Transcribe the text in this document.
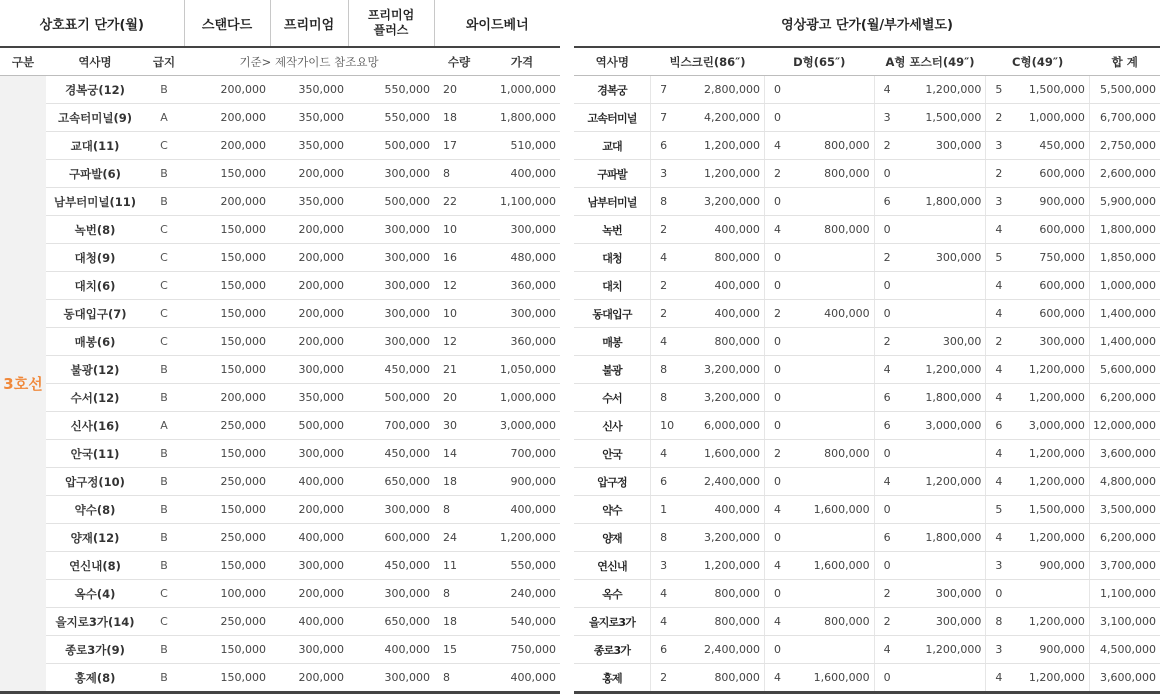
상호표기 단가(월)			스탠다드	프리미엄	프리미엄
플러스	와이드베너	
구분	역사명	급지	기준> 제작가이드 참조요망			수량	가격
3호선	경복궁(12)	B	200,000	350,000	550,000	20	1,000,000
	고속터미널(9)	A	200,000	350,000	550,000	18	1,800,000
	교대(11)	C	200,000	350,000	500,000	17	510,000
	구파발(6)	B	150,000	200,000	300,000	8	400,000
	남부터미널(11)	B	200,000	350,000	500,000	22	1,100,000
	녹번(8)	C	150,000	200,000	300,000	10	300,000
	대청(9)	C	150,000	200,000	300,000	16	480,000
	대치(6)	C	150,000	200,000	300,000	12	360,000
	동대입구(7)	C	150,000	200,000	300,000	10	300,000
	매봉(6)	C	150,000	200,000	300,000	12	360,000
	불광(12)	B	150,000	300,000	450,000	21	1,050,000
	수서(12)	B	200,000	350,000	500,000	20	1,000,000
	신사(16)	A	250,000	500,000	700,000	30	3,000,000
	안국(11)	B	150,000	300,000	450,000	14	700,000
	압구정(10)	B	250,000	400,000	650,000	18	900,000
	약수(8)	B	150,000	200,000	300,000	8	400,000
	양재(12)	B	250,000	400,000	600,000	24	1,200,000
	연신내(8)	B	150,000	300,000	450,000	11	550,000
	옥수(4)	C	100,000	200,000	300,000	8	240,000
	을지로3가(14)	C	250,000	400,000	650,000	18	540,000
	종로3가(9)	B	150,000	300,000	400,000	15	750,000
	홍제(8)	B	150,000	200,000	300,000	8	400,000
영상광고 단가(월/부가세별도)									
역사명	빅스크린(86″)		D형(65″)		A형 포스터(49″)		C형(49″)		합 계
경복궁	7	2,800,000	0		4	1,200,000	5	1,500,000	5,500,000
고속터미널	7	4,200,000	0		3	1,500,000	2	1,000,000	6,700,000
교대	6	1,200,000	4	800,000	2	300,000	3	450,000	2,750,000
구파발	3	1,200,000	2	800,000	0		2	600,000	2,600,000
남부터미널	8	3,200,000	0		6	1,800,000	3	900,000	5,900,000
녹번	2	400,000	4	800,000	0		4	600,000	1,800,000
대청	4	800,000	0		2	300,000	5	750,000	1,850,000
대치	2	400,000	0		0		4	600,000	1,000,000
동대입구	2	400,000	2	400,000	0		4	600,000	1,400,000
매봉	4	800,000	0		2	300,00	2	300,000	1,400,000
불광	8	3,200,000	0		4	1,200,000	4	1,200,000	5,600,000
수서	8	3,200,000	0		6	1,800,000	4	1,200,000	6,200,000
신사	10	6,000,000	0		6	3,000,000	6	3,000,000	12,000,000
안국	4	1,600,000	2	800,000	0		4	1,200,000	3,600,000
압구정	6	2,400,000	0		4	1,200,000	4	1,200,000	4,800,000
약수	1	400,000	4	1,600,000	0		5	1,500,000	3,500,000
양재	8	3,200,000	0		6	1,800,000	4	1,200,000	6,200,000
연신내	3	1,200,000	4	1,600,000	0		3	900,000	3,700,000
옥수	4	800,000	0		2	300,000	0		1,100,000
을지로3가	4	800,000	4	800,000	2	300,000	8	1,200,000	3,100,000
종로3가	6	2,400,000	0		4	1,200,000	3	900,000	4,500,000
홍제	2	800,000	4	1,600,000	0		4	1,200,000	3,600,000
